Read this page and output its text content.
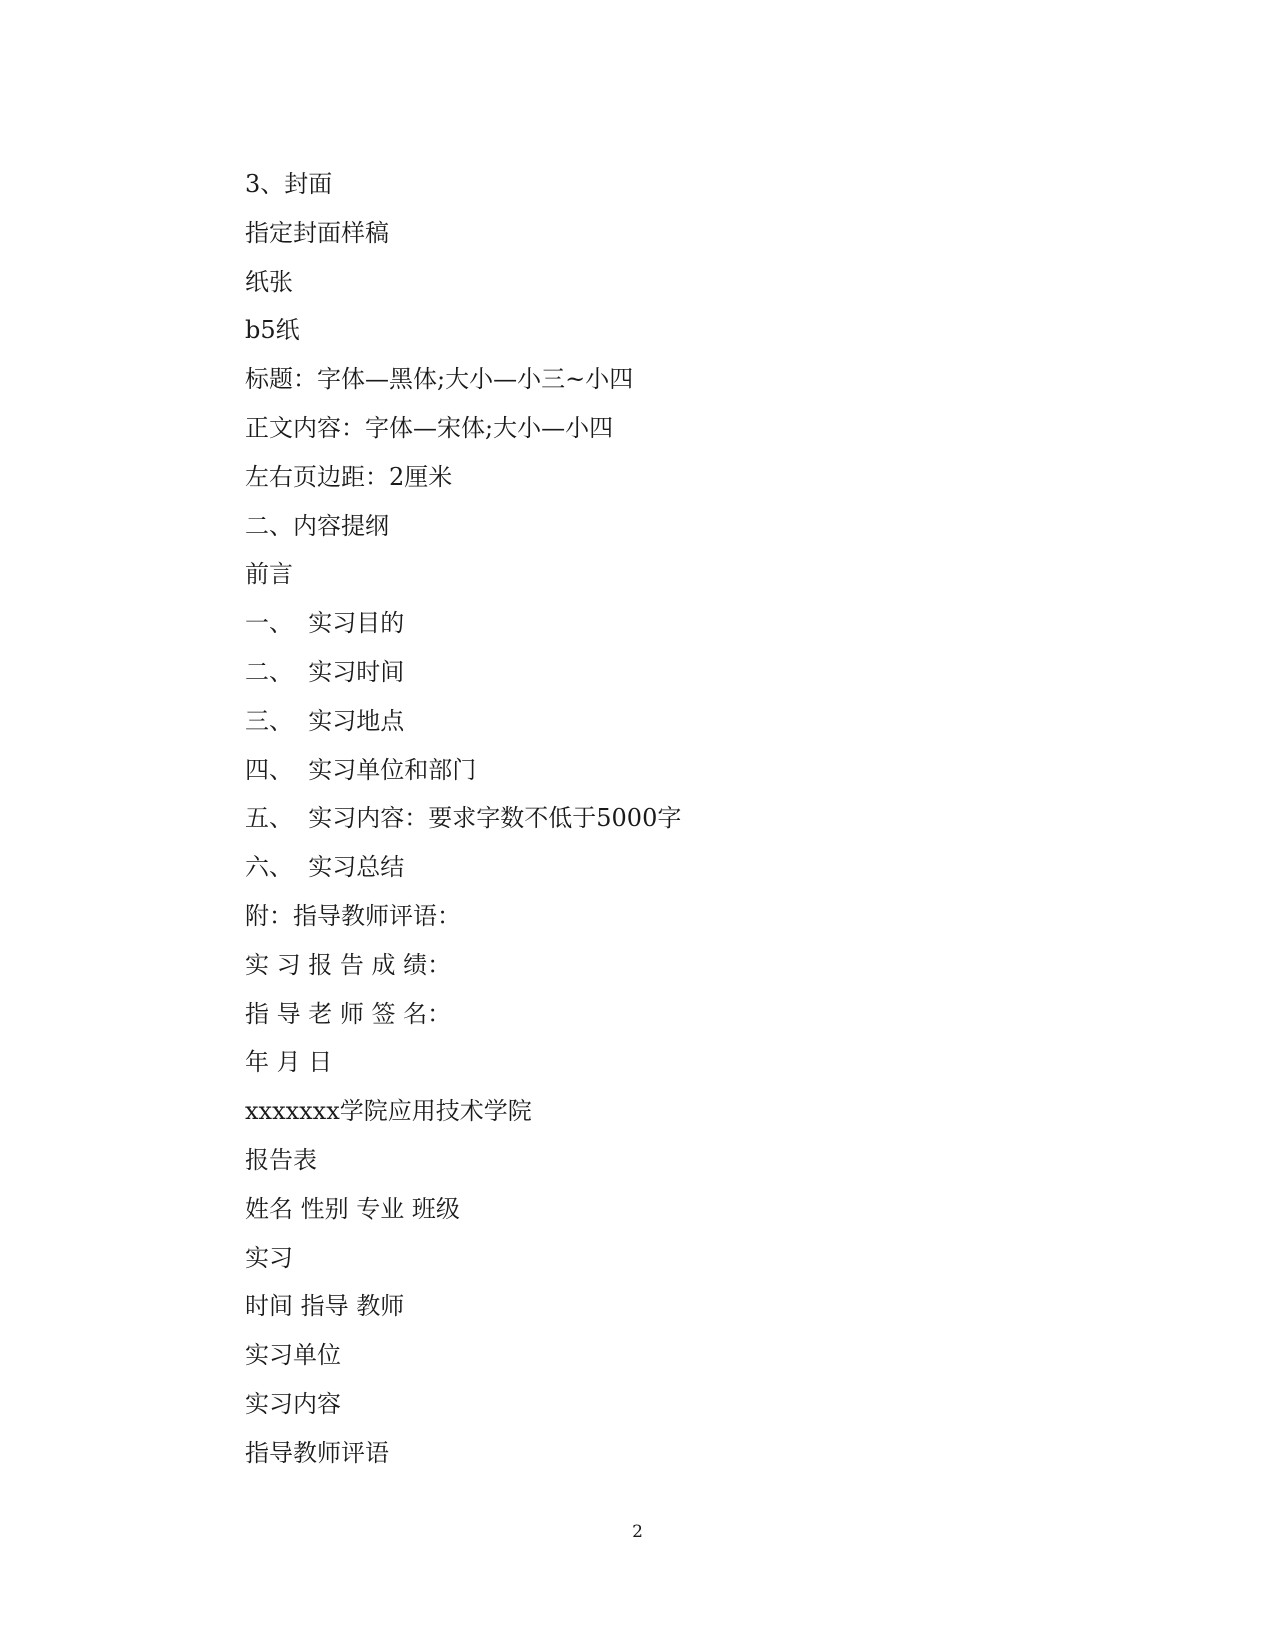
3、封面
指定封面样稿
纸张
b5纸
标题：字体—黑体;大小—小三~小四
正文内容：字体—宋体;大小—小四
左右页边距：2厘米
二、内容提纲
前言
一、  实习目的
二、  实习时间
三、  实习地点
四、  实习单位和部门
五、  实习内容：要求字数不低于5000字
六、  实习总结
附：指导教师评语：
实 习 报 告 成 绩：
指 导 老 师 签 名：
年 月 日
xxxxxxx学院应用技术学院
报告表
姓名 性别 专业 班级
实习
时间 指导 教师
实习单位
实习内容
指导教师评语
2
